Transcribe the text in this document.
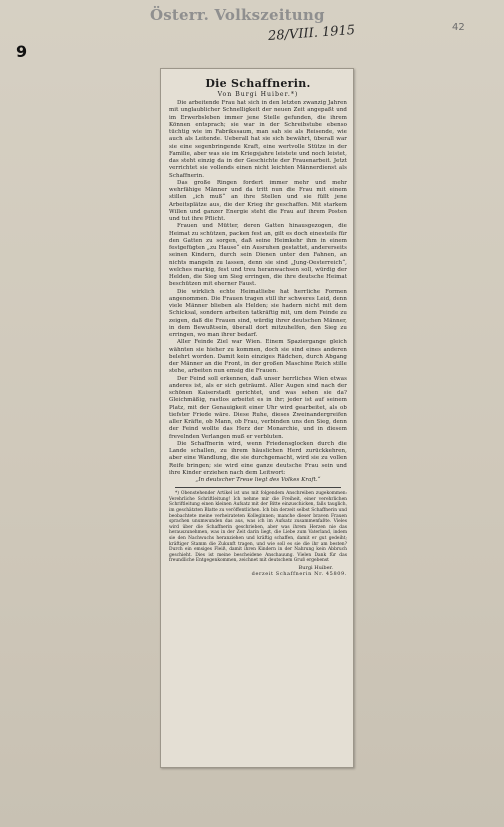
Österr. Volkszeitung
28/VIII. 1915	42
9
Die Schaffnerin.
Von Burgi Huiber.*)

Die arbeitende Frau hat sich in den letzten zwanzig Jahren mit unglaublicher Schnelligkeit der neuen Zeit angepaßt und im Erwerbsleben immer jene Stelle gefunden, die ihrem Können entsprach; sie war in der Schreibstube ebenso tüchtig wie im Fabrikssaum, man sah sie als Reisende, wie auch als Leitende. Ueberall hat sie sich bewährt, überall war sie eine segenbringende Kraft, eine wertvolle Stütze in der Familie, aber was sie im Kriegsjahre leistete und noch leistet, das steht einzig da in der Geschichte der Frauenarbeit. Jetzt verrichtet sie vollends einen nicht leichten Männerdienst als Schaffnerin.

Das große Ringen fordert immer mehr und mehr wehrfähige Männer und da tritt nun die Frau mit einem stillen „ich muß“ an ihre Stellen und sie füllt jene Arbeitsplätze aus, die der Krieg ihr geschaffen. Mit starkem Willen und ganzer Energie steht die Frau auf ihrem Posten und tut ihre Pflicht.

Frauen und Mütter, deren Gatten hinausgezogen, die Heimat zu schützen, packen fest an, gilt es doch einesteils für den Gatten zu sorgen, daß seine Heimkehr ihm in einem festgefügten „zu Hause“ ein Ausruhen gestattet, andererseits seinen Kindern, durch sein Dienen unter den Fahnen, an nichts mangeln zu lassen, denn sie sind „Jung-Oesterreich“, welches markig, fest und treu heranwachsen soll, würdig der Helden, die Sieg um Sieg erringen, die ihre deutsche Heimat beschützen mit eherner Faust.

Die wirklich echte Heimatliebe hat herrliche Formen angenommen. Die Frauen tragen still ihr schweres Leid, denn viele Männer blieben als Helden; sie hadern nicht mit dem Schicksal, sondern arbeiten tatkräftig mit, um dem Feinde zu zeigen, daß die Frauen sind, würdig ihrer deutschen Männer, in dem Bewußtsein, überall dort mitzuhelfen, den Sieg zu erringen, wo man ihrer bedarf.

Aller Feinde Ziel war Wien. Einem Spaziergange gleich wähnten sie hieher zu kommen, doch sie sind eines anderen belehrt worden. Damit kein einziges Rädchen, durch Abgang der Männer an die Front, in der großen Maschine Reich stille stehe, arbeiten nun emsig die Frauen.

Der Feind soll erkennen, daß unser herrliches Wien etwas anderes ist, als er sich geträumt. Aller Augen sind nach der schönen Kaiserstadt gerichtet, und was sehen sie da? Gleichmäßig, rastlos arbeitet es in ihr; jeder ist auf seinem Platz, mit der Genauigkeit einer Uhr wird gearbeitet, als ob tiefster Friede wäre. Diese Ruhe, dieses Zweinandergreifen aller Kräfte, ob Mann, ob Frau, verbinden uns den Sieg, denn der Feind wollte das Herz der Monarchie, und in diesem frevelnden Verlangen muß er verbluten.

Die Schaffnerin wird, wenn Friedensglocken durch die Lande schallen, zu ihrem häuslichen Herd zurückkehren, aber eine Wandlung, die sie durchgemacht, wird sie zu vollen Reife bringen; sie wird eine ganze deutsche Frau sein und ihre Kinder erziehen nach dem Leitwort:

„In deutscher Treue liegt des Volkes Kraft.“

*) Obenstehender Artikel ist uns mit folgendem Anschreiben zugekommen: Verehrliche Schriftleitung! Ich nehme mir die Freiheit, einer verehrlichen Schriftleitung einen kleinen Aufsatz mit der Bitte einzuschicken, falls tauglich, im geschätzten Blatte zu veröffentlichen. Ich bin derzeit selbst Schaffnerin und beobachtete meine verheirateten Kolleginnen; manche dieser braven Frauen sprachen unumwunden das aus, was ich im Aufsatz zusammenfaßte. Vieles wird über die Schaffnerin geschrieben, aber was ihrem Herzen nie das herauszunehmen, was in der Zeit darin liegt, die Liebe zum Vaterland, indem sie den Nachwuchs heranziehen und kräftig schaffen, damit er gut gedeiht; kräftiger Stamm die Zukunft tragen, und wie soll es sie die ihr am besten? Durch ein emsiges Fleiß, damit ihren Kindern in der Nahrung kein Abbruch geschieht. Dies ist meine bescheidene Anschauung. Vielen Dank für das freundliche Entgegenkommen, zeichnet mit deutschem Gruß ergebenst

Burgi Huiber.
derzeit Schaffnerin Nr. 45809.
